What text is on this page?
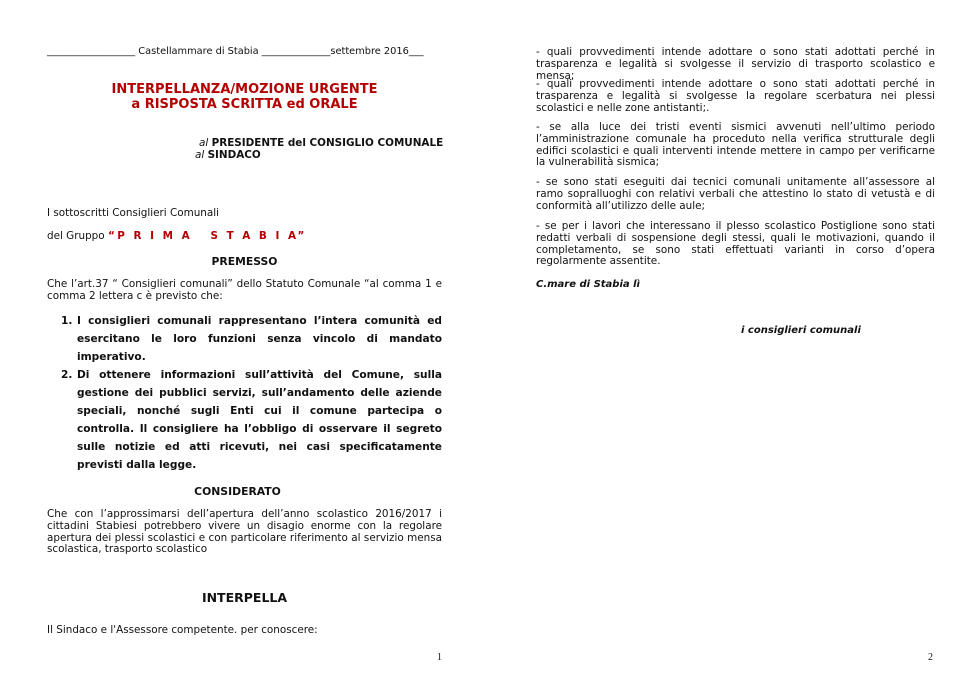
__________________ Castellammare di Stabia ______________settembre 2016___
INTERPELLANZA/MOZIONE URGENTE
a RISPOSTA SCRITTA ed ORALE
al PRESIDENTE del CONSIGLIO COMUNALE
al SINDACO
I sottoscritti Consiglieri Comunali
del Gruppo “P R I M A   S T A B I A”
PREMESSO
Che l’art.37 “ Consiglieri comunali” dello Statuto Comunale “al comma 1 e comma 2 lettera c è previsto che:
1. I consiglieri comunali rappresentano l’intera comunità ed esercitano le loro funzioni senza vincolo di mandato imperativo.
2. Di ottenere informazioni sull’attività del Comune, sulla gestione dei pubblici servizi, sull’andamento delle aziende speciali, nonché sugli Enti cui il comune partecipa o controlla. Il consigliere ha l’obbligo di osservare il segreto sulle notizie ed atti ricevuti, nei casi specificatamente previsti dalla legge.
CONSIDERATO
Che con l’approssimarsi dell’apertura dell’anno scolastico 2016/2017 i cittadini Stabiesi potrebbero vivere un disagio enorme con la regolare apertura dei plessi scolastici e con particolare riferimento al servizio mensa scolastica, trasporto scolastico
INTERPELLA
Il Sindaco e l'Assessore competente. per conoscere:
1
- quali provvedimenti intende adottare o sono stati adottati perché in trasparenza e legalità si svolgesse il servizio di trasporto scolastico e mensa;
- quali provvedimenti intende adottare o sono stati adottati perché in trasparenza e legalità si svolgesse la regolare scerbatura nei plessi scolastici e nelle zone antistanti;.
- se alla luce dei tristi eventi sismici avvenuti nell’ultimo periodo l’amministrazione comunale ha proceduto nella verifica strutturale degli edifici scolastici e quali interventi intende mettere in campo per verificarne la vulnerabilità sismica;
- se sono stati eseguiti dai tecnici comunali unitamente all’assessore al ramo sopralluoghi con relativi verbali che attestino lo stato di vetustà e di conformità all’utilizzo delle aule;
- se per i lavori che interessano il plesso scolastico Postiglione sono stati redatti verbali di sospensione degli stessi, quali le motivazioni, quando il completamento, se sono stati effettuati varianti in corso d’opera regolarmente assentite.
C.mare di Stabia lì
i consiglieri comunali
2
